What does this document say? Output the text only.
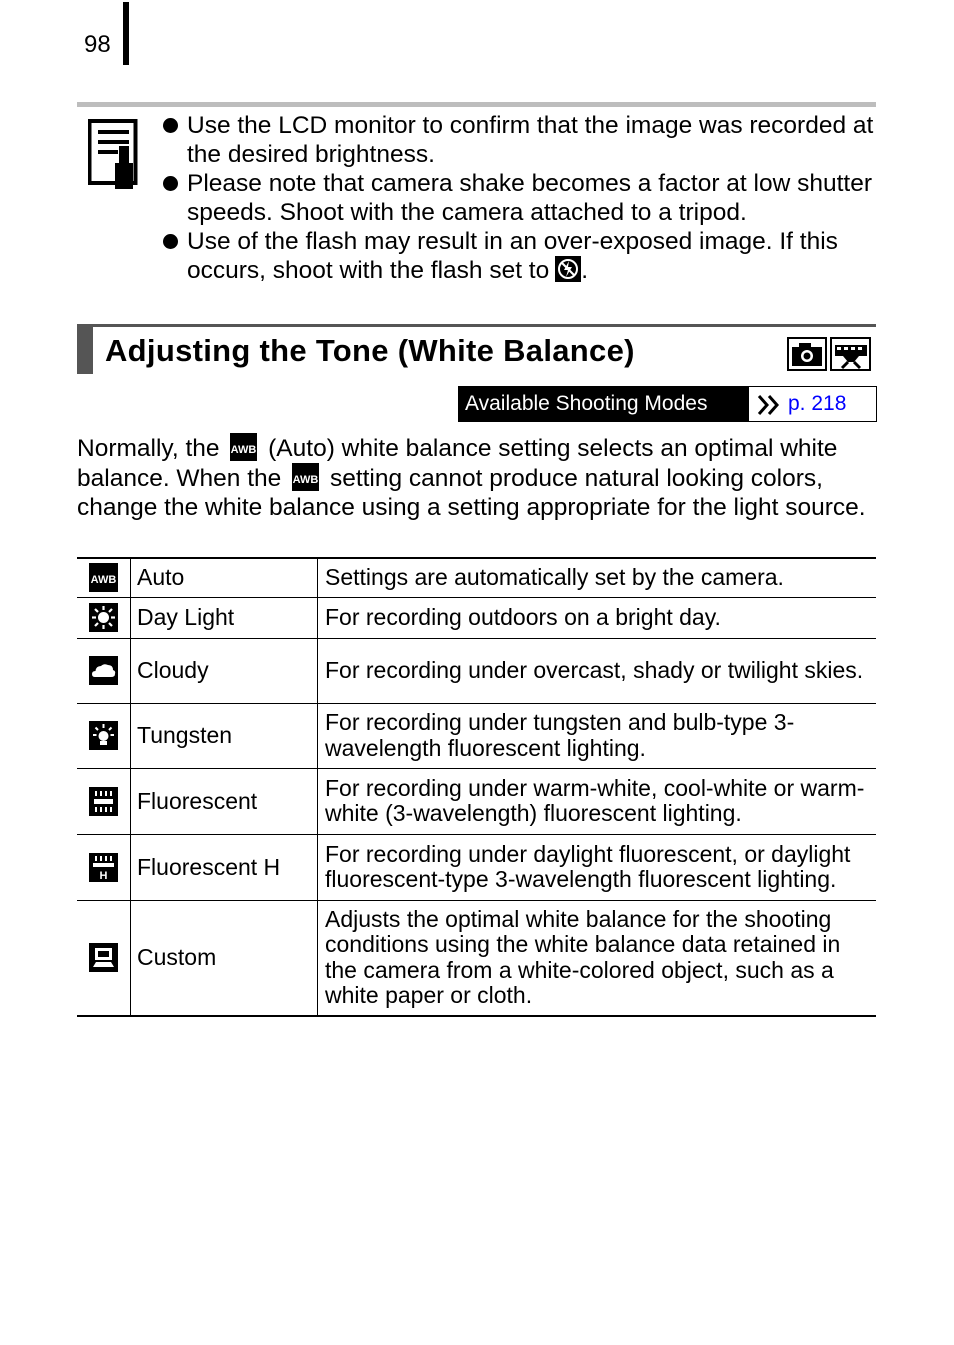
98
Use the LCD monitor to confirm that the image was recorded at the desired brightness.
Please note that camera shake becomes a factor at low shutter speeds. Shoot with the camera attached to a tripod.
Use of the flash may result in an over-exposed image. If this occurs, shoot with the flash set to .
Adjusting the Tone (White Balance)
Available Shooting Modes	p. 218

Normally, the AWB (Auto) white balance setting selects an optimal white balance. When the AWB setting cannot produce natural looking colors, change the white balance using a setting appropriate for the light source.

AWB	Auto	Settings are automatically set by the camera.

	Day Light	For recording outdoors on a bright day.

	Cloudy	For recording under overcast, shady or twilight skies.

	Tungsten	For recording under tungsten and bulb-type 3-wavelength fluorescent lighting.

	Fluorescent	For recording under warm-white, cool-white or warm-white (3-wavelength) fluorescent lighting.

H	Fluorescent H	For recording under daylight fluorescent, or daylight fluorescent-type 3-wavelength fluorescent lighting.

	Custom	Adjusts the optimal white balance for the shooting conditions using the white balance data retained in the camera from a white-colored object, such as a white paper or cloth.
